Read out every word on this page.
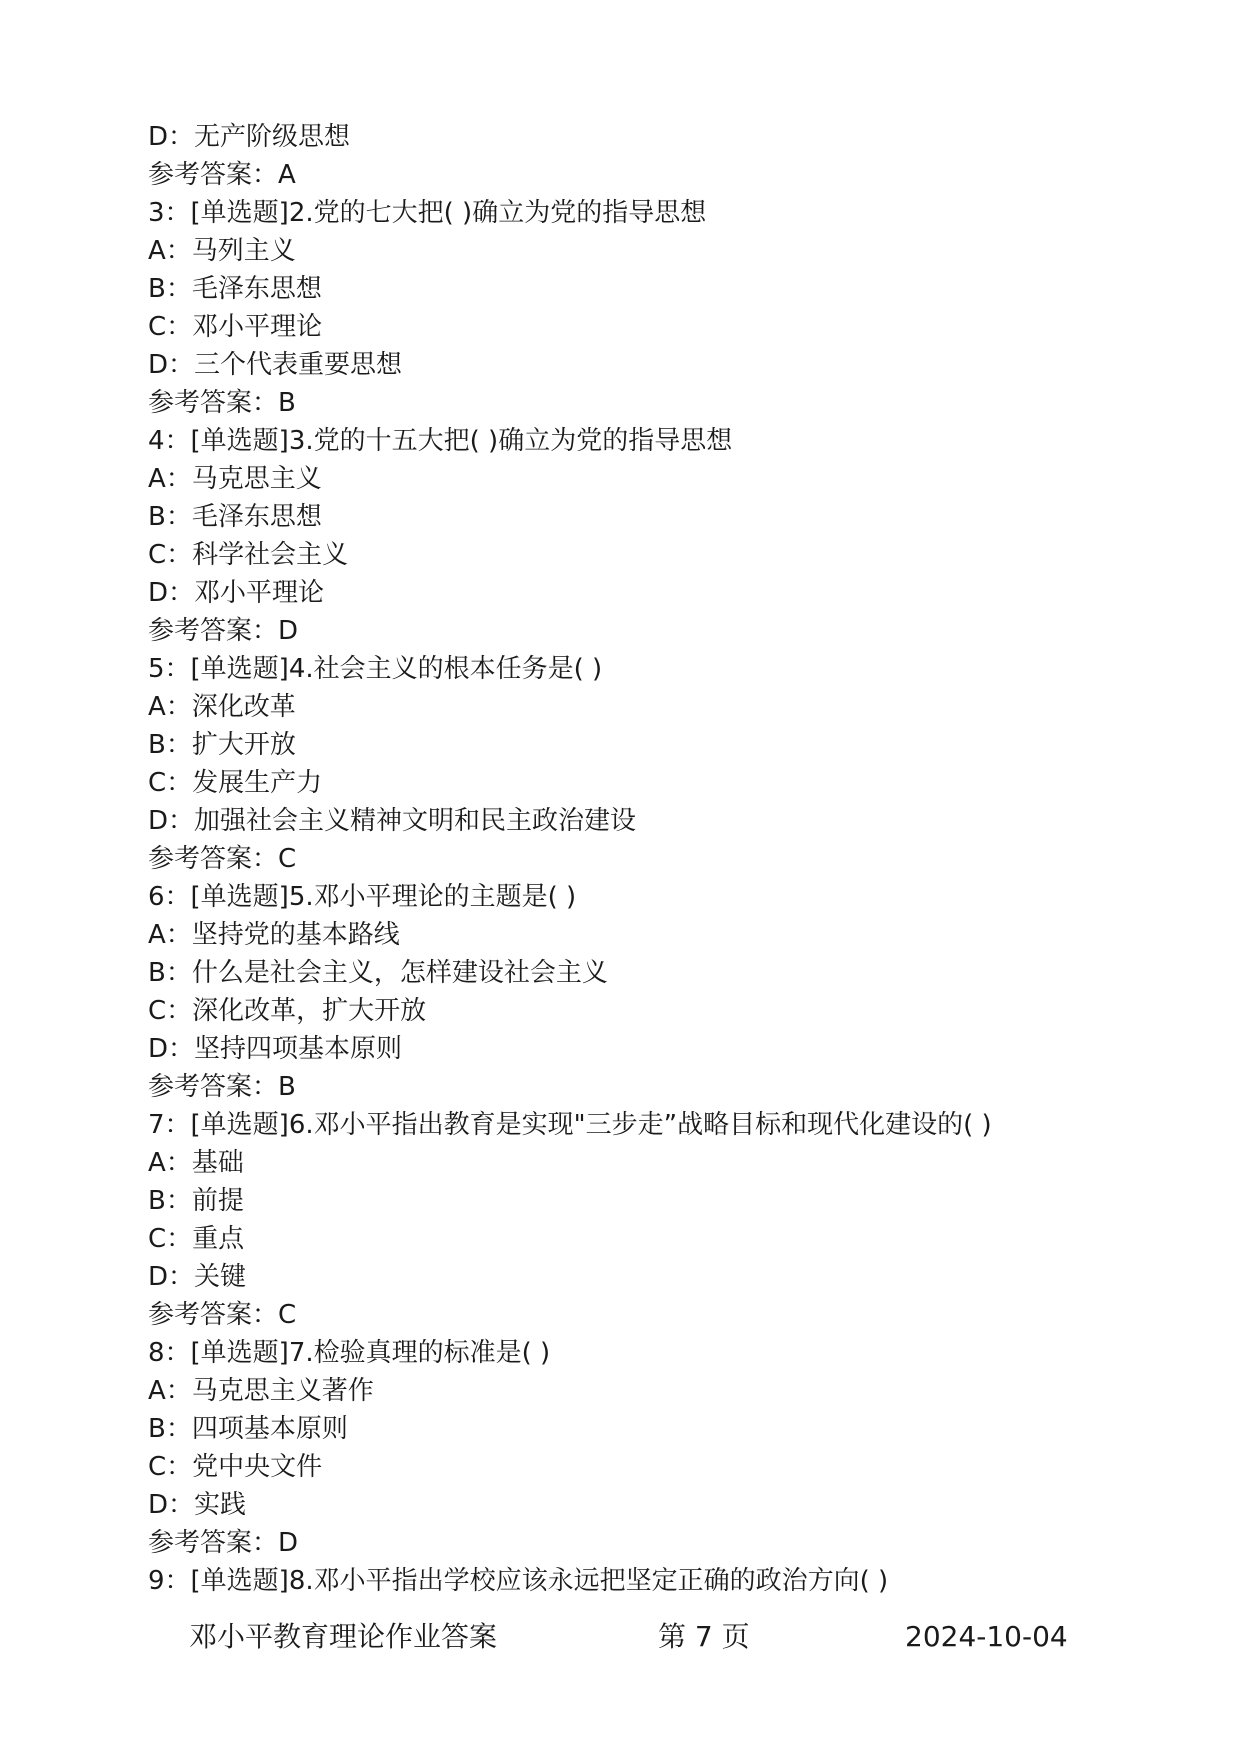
D：无产阶级思想
参考答案：A
3：[单选题]2.党的七大把( )确立为党的指导思想
A：马列主义
B：毛泽东思想
C：邓小平理论
D：三个代表重要思想
参考答案：B
4：[单选题]3.党的十五大把( )确立为党的指导思想
A：马克思主义
B：毛泽东思想
C：科学社会主义
D：邓小平理论
参考答案：D
5：[单选题]4.社会主义的根本任务是( )
A：深化改革
B：扩大开放
C：发展生产力
D：加强社会主义精神文明和民主政治建设
参考答案：C
6：[单选题]5.邓小平理论的主题是( )
A：坚持党的基本路线
B：什么是社会主义，怎样建设社会主义
C：深化改革，扩大开放
D：坚持四项基本原则
参考答案：B
7：[单选题]6.邓小平指出教育是实现"三步走”战略目标和现代化建设的( )
A：基础
B：前提
C：重点
D：关键
参考答案：C
8：[单选题]7.检验真理的标准是( )
A：马克思主义著作
B：四项基本原则
C：党中央文件
D：实践
参考答案：D
9：[单选题]8.邓小平指出学校应该永远把坚定正确的政治方向( )
邓小平教育理论作业答案	第 7 页	2024-10-04
